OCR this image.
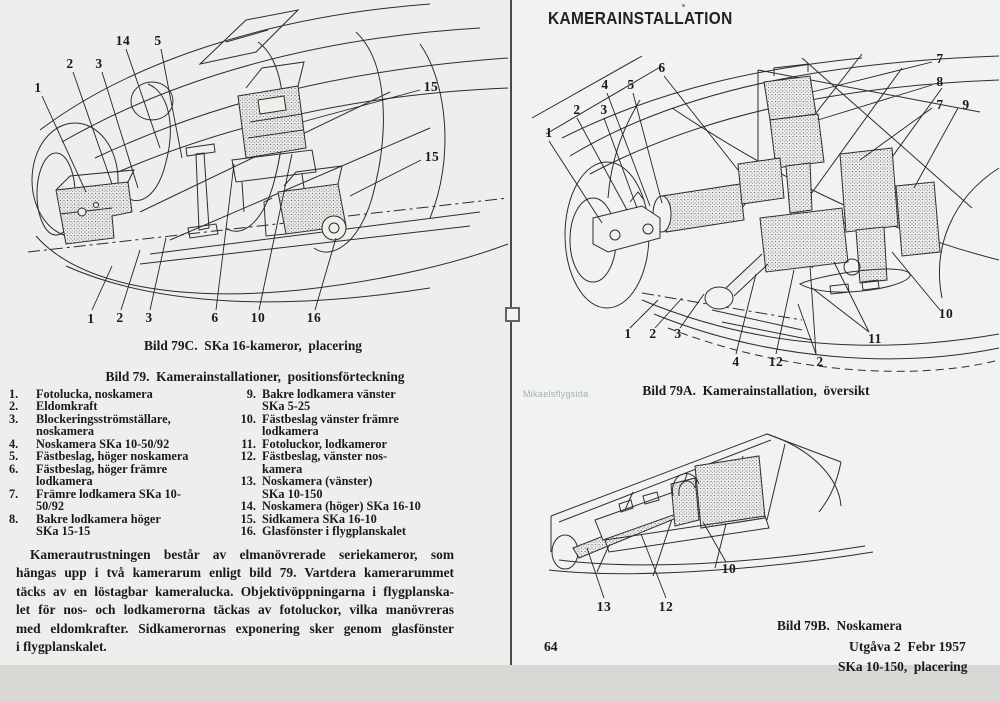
1
2 3
14 5
15
15
1 2 3	6 10	16
Bild 79C.  SKa 16-kameror,  placering
Bild 79.  Kamerainstallationer,  positionsförteckning
1. Fotolucka, noskamera
2. Eldomkraft
3. Blockeringsströmställare,
noskamera
4. Noskamera SKa 10-50/92
5. Fästbeslag, höger noskamera
6. Fästbeslag, höger främre
lodkamera
7. Främre lodkamera SKa 10-
50/92
8. Bakre lodkamera höger
SKa 15-15
9. Bakre lodkamera vänster
SKa 5-25
10. Fästbeslag vänster främre
lodkamera
11. Fotoluckor, lodkameror
12. Fästbeslag, vänster nos-
kamera
13. Noskamera (vänster)
SKa 10-150
14. Noskamera (höger) SKa 16-10
15. Sidkamera SKa 16-10
16. Glasfönster i flygplanskalet
Kamerautrustningen består av elmanövrerade seriekameror, som
hängas upp i två kamerarum enligt bild 79. Vartdera kamerarummet
täcks av en löstagbar kameralucka. Objektivöppningarna i flygplanska-
let för nos- och lodkamerorna täckas av fotoluckor, vilka manövreras
med eldomkrafter. Sidkamerornas exponering sker genom glasfönster
i flygplanskalet.
KAMERAINSTALLATION
1
2 3
4 5
6
7
8
7 9
10
11
1 2 3
4 12 2
Bild 79A.  Kamerainstallation,  översikt
Mikaelsflygsida
13	12
10

Bild 79B.  Noskamera

SKa 10-150,  placering

64	Utgåva 2  Febr 1957
